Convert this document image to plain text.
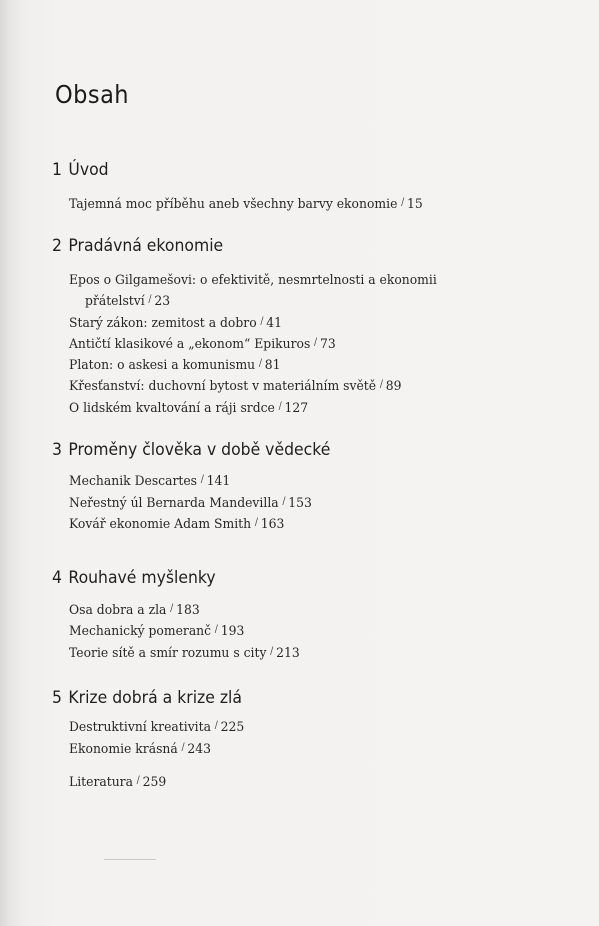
Obsah
1 Úvod
Tajemná moc příběhu aneb všechny barvy ekonomie / 15
2 Pradávná ekonomie
Epos o Gilgamešovi: o efektivitě, nesmrtelnosti a ekonomii
přátelství / 23
Starý zákon: zemitost a dobro / 41
Antičtí klasikové a „ekonom“ Epikuros / 73
Platon: o askesi a komunismu / 81
Křesťanství: duchovní bytost v materiálním světě / 89
O lidském kvaltování a ráji srdce / 127
3 Proměny člověka v době vědecké
Mechanik Descartes / 141
Neřestný úl Bernarda Mandevilla / 153
Kovář ekonomie Adam Smith / 163
4 Rouhavé myšlenky
Osa dobra a zla / 183
Mechanický pomeranč / 193
Teorie sítě a smír rozumu s city / 213
5 Krize dobrá a krize zlá
Destruktivní kreativita / 225
Ekonomie krásná / 243
Literatura / 259
